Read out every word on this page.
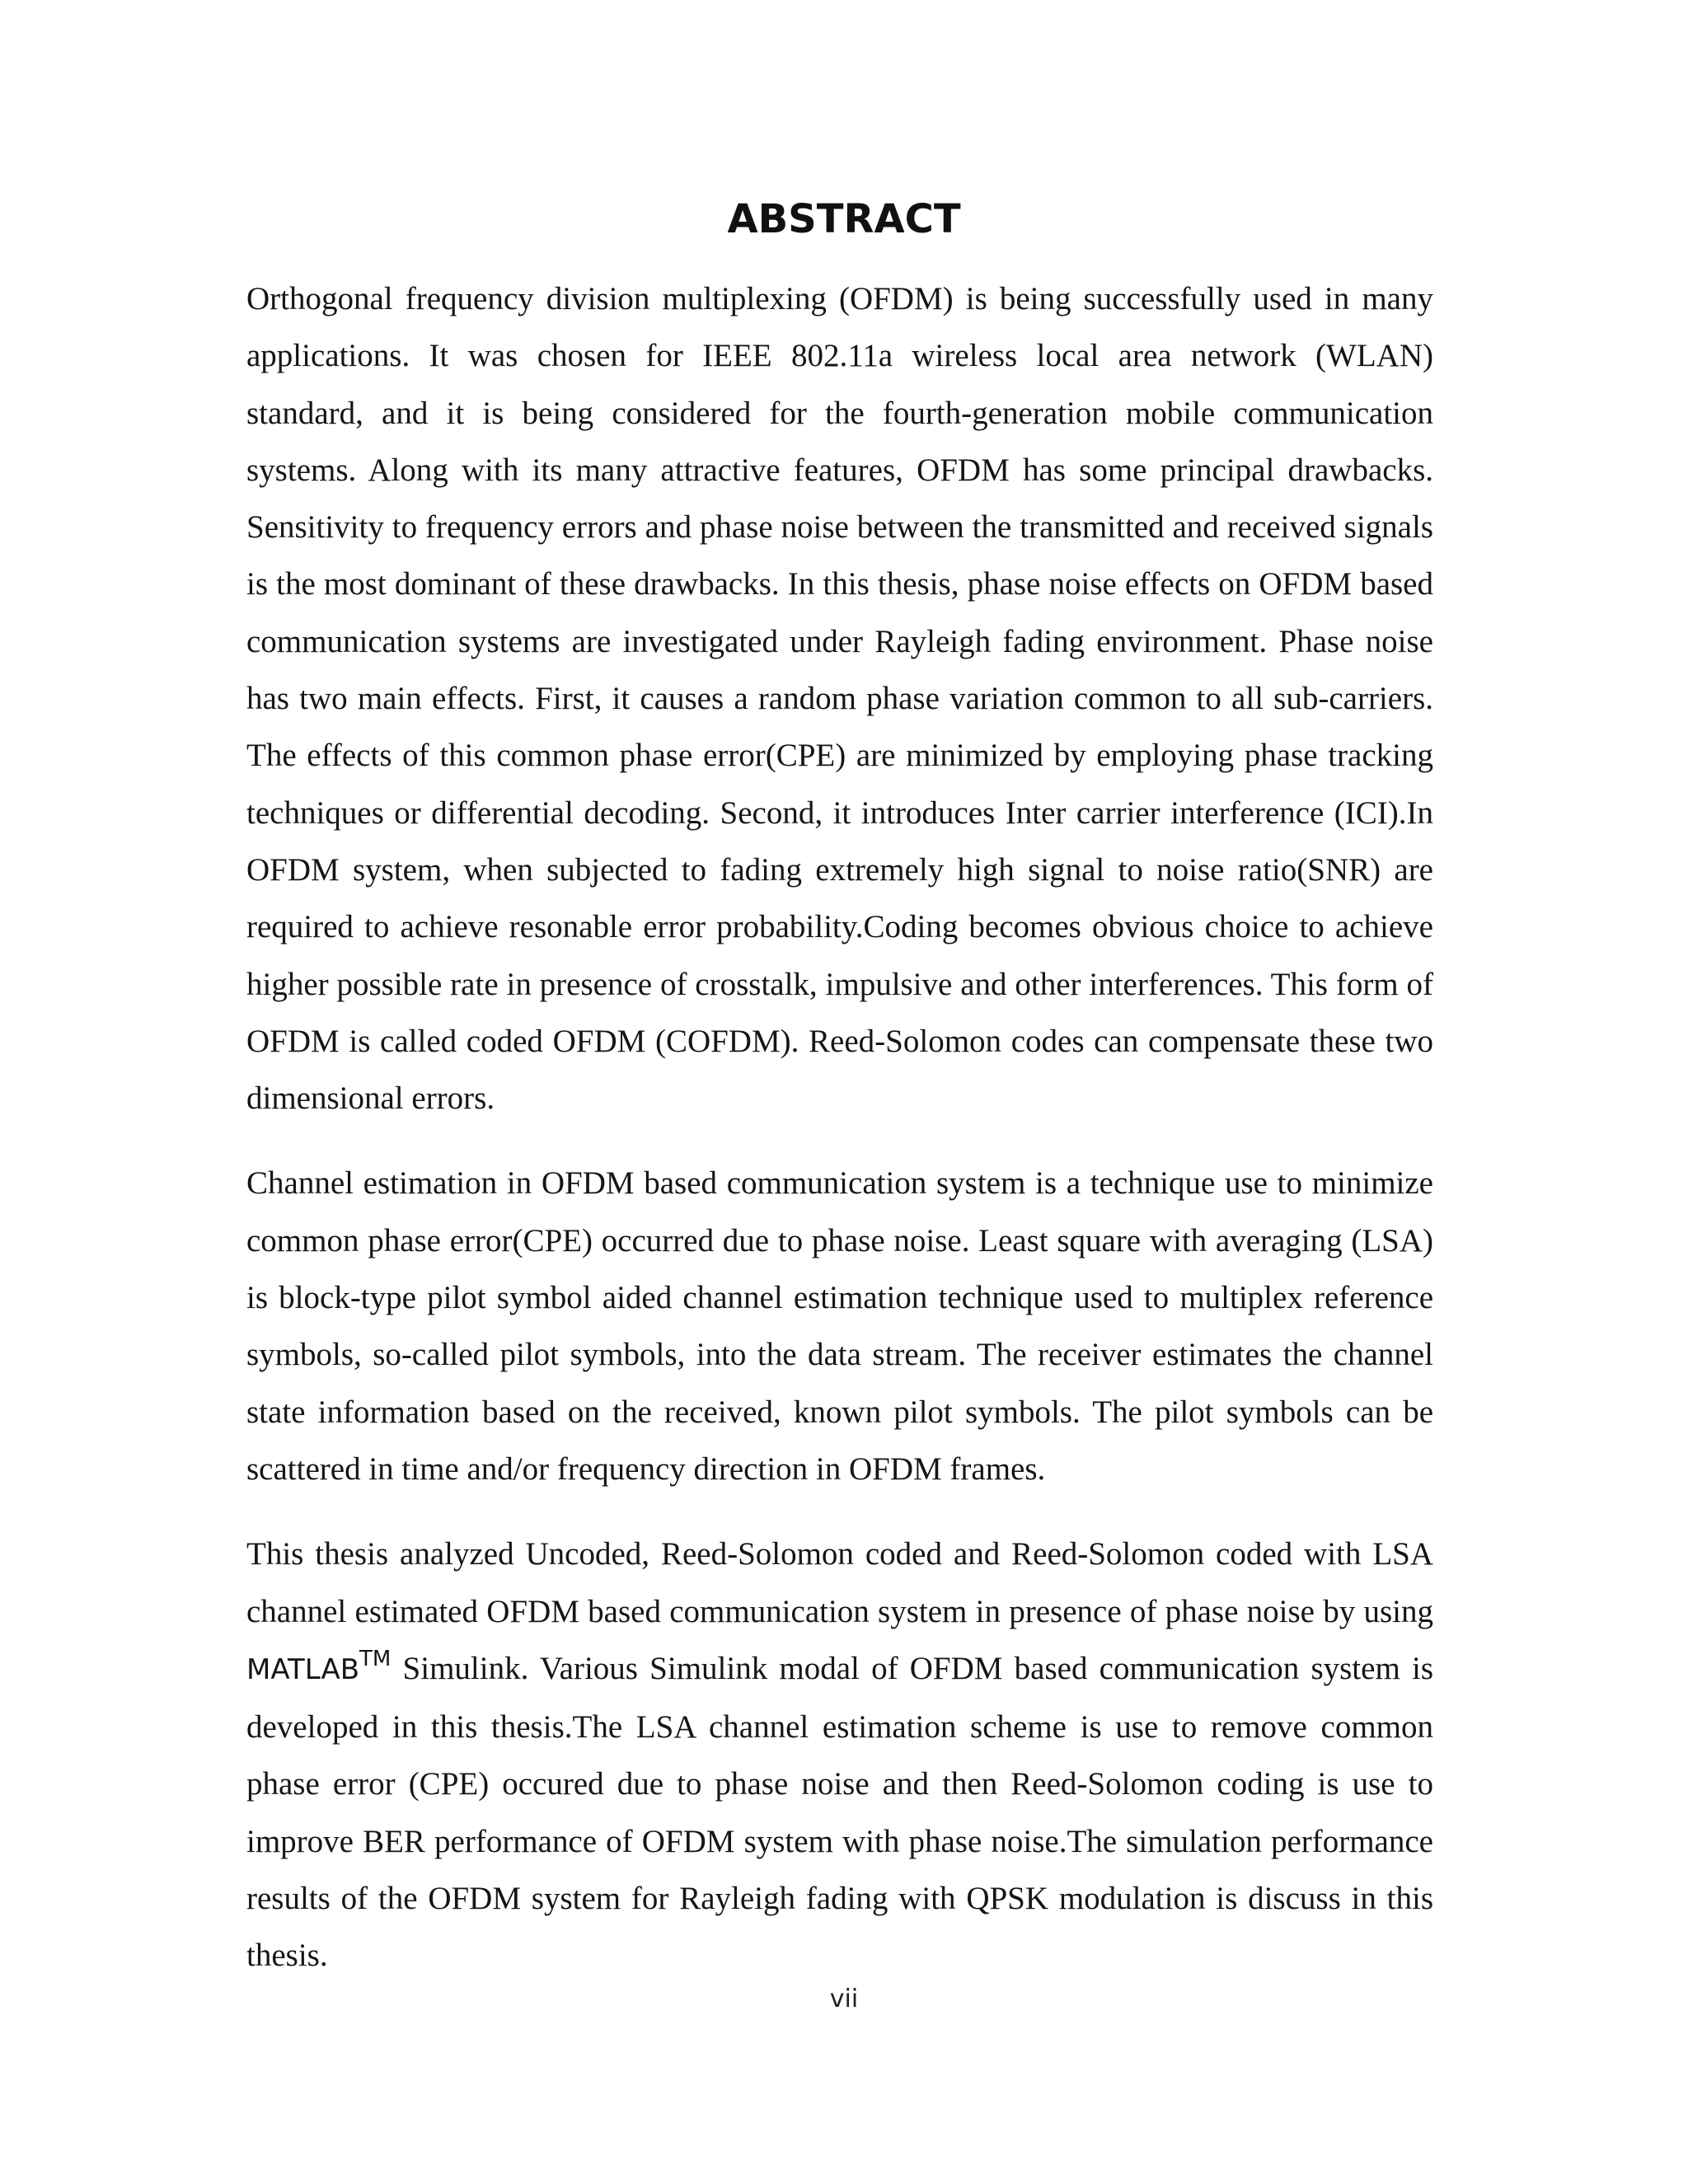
ABSTRACT

Orthogonal frequency division multiplexing (OFDM) is being successfully used in many applications. It was chosen for IEEE 802.11a wireless local area network (WLAN) standard, and it is being considered for the fourth-generation mobile communication systems. Along with its many attractive features, OFDM has some principal drawbacks. Sensitivity to frequency errors and phase noise between the transmitted and received signals is the most dominant of these drawbacks. In this thesis, phase noise effects on OFDM based communication systems are investigated under Rayleigh fading environment. Phase noise has two main effects. First, it causes a random phase variation common to all sub-carriers. The effects of this common phase error(CPE) are minimized by employing phase tracking techniques or differential decoding. Second, it introduces Inter carrier interference (ICI).In OFDM system, when subjected to fading extremely high signal to noise ratio(SNR) are required to achieve resonable error probability.Coding becomes obvious choice to achieve higher possible rate in presence of crosstalk, impulsive and other interferences. This form of OFDM is called coded OFDM (COFDM). Reed-Solomon codes can compensate these two dimensional errors.

Channel estimation in OFDM based communication system is a technique use to minimize common phase error(CPE) occurred due to phase noise. Least square with averaging (LSA) is block-type pilot symbol aided channel estimation technique used to multiplex reference symbols, so-called pilot symbols, into the data stream. The receiver estimates the channel state information based on the received, known pilot symbols. The pilot symbols can be scattered in time and/or frequency direction in OFDM frames.

This thesis analyzed Uncoded, Reed-Solomon coded and Reed-Solomon coded with LSA channel estimated OFDM based communication system in presence of phase noise by using MATLAB™ Simulink. Various Simulink modal of OFDM based communication system is developed in this thesis.The LSA channel estimation scheme is use to remove common phase error (CPE) occured due to phase noise and then Reed-Solomon coding is use to improve BER performance of OFDM system with phase noise.The simulation performance results of the OFDM system for Rayleigh fading with QPSK modulation is discuss in this thesis.

vii
